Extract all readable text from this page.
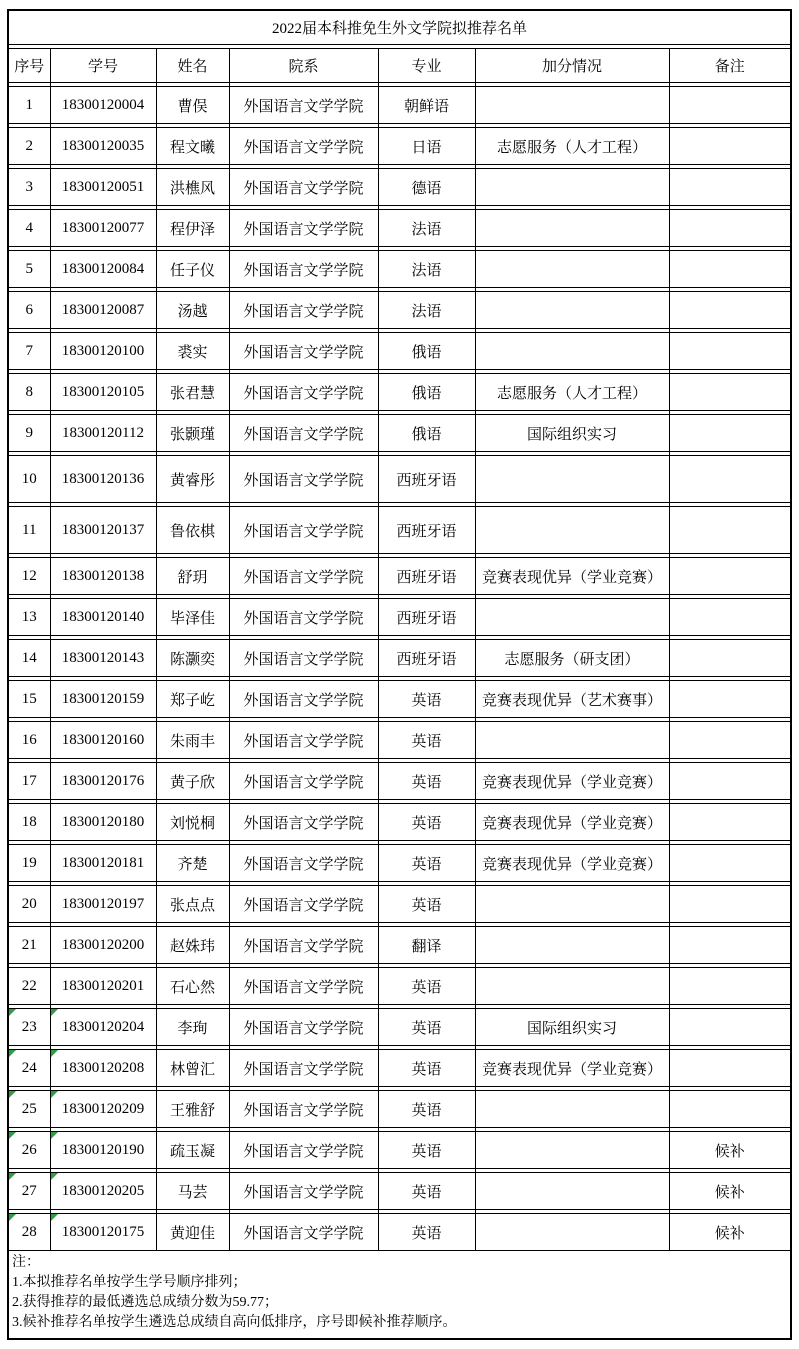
2022届本科推免生外文学院拟推荐名单						

序号	学号	姓名	院系	专业	加分情况	备注

1	18300120004	曹俣	外国语言文学学院	朝鲜语		

2	18300120035	程文曦	外国语言文学学院	日语	志愿服务（人才工程）	

3	18300120051	洪樵风	外国语言文学学院	德语		

4	18300120077	程伊泽	外国语言文学学院	法语		

5	18300120084	任子仪	外国语言文学学院	法语		

6	18300120087	汤越	外国语言文学学院	法语		

7	18300120100	裘实	外国语言文学学院	俄语		

8	18300120105	张君慧	外国语言文学学院	俄语	志愿服务（人才工程）	

9	18300120112	张颢瑾	外国语言文学学院	俄语	国际组织实习	

10	18300120136	黄睿彤	外国语言文学学院	西班牙语		

11	18300120137	鲁依棋	外国语言文学学院	西班牙语		

12	18300120138	舒玥	外国语言文学学院	西班牙语	竞赛表现优异（学业竞赛）	

13	18300120140	毕泽佳	外国语言文学学院	西班牙语		

14	18300120143	陈灏奕	外国语言文学学院	西班牙语	志愿服务（研支团）	

15	18300120159	郑子屹	外国语言文学学院	英语	竞赛表现优异（艺术赛事）	

16	18300120160	朱雨丰	外国语言文学学院	英语		

17	18300120176	黄子欣	外国语言文学学院	英语	竞赛表现优异（学业竞赛）	

18	18300120180	刘悦桐	外国语言文学学院	英语	竞赛表现优异（学业竞赛）	

19	18300120181	齐楚	外国语言文学学院	英语	竞赛表现优异（学业竞赛）	

20	18300120197	张点点	外国语言文学学院	英语		

21	18300120200	赵姝玮	外国语言文学学院	翻译		

22	18300120201	石心然	外国语言文学学院	英语		

23	18300120204	李珣	外国语言文学学院	英语	国际组织实习	

24	18300120208	林曾汇	外国语言文学学院	英语	竞赛表现优异（学业竞赛）	

25	18300120209	王雅舒	外国语言文学学院	英语		

26	18300120190	疏玉凝	外国语言文学学院	英语		候补

27	18300120205	马芸	外国语言文学学院	英语		候补

28	18300120175	黄迎佳	外国语言文学学院	英语		候补

注：
1.本拟推荐名单按学生学号顺序排列；
2.获得推荐的最低遴选总成绩分数为59.77；
3.候补推荐名单按学生遴选总成绩自高向低排序，序号即候补推荐顺序。						
